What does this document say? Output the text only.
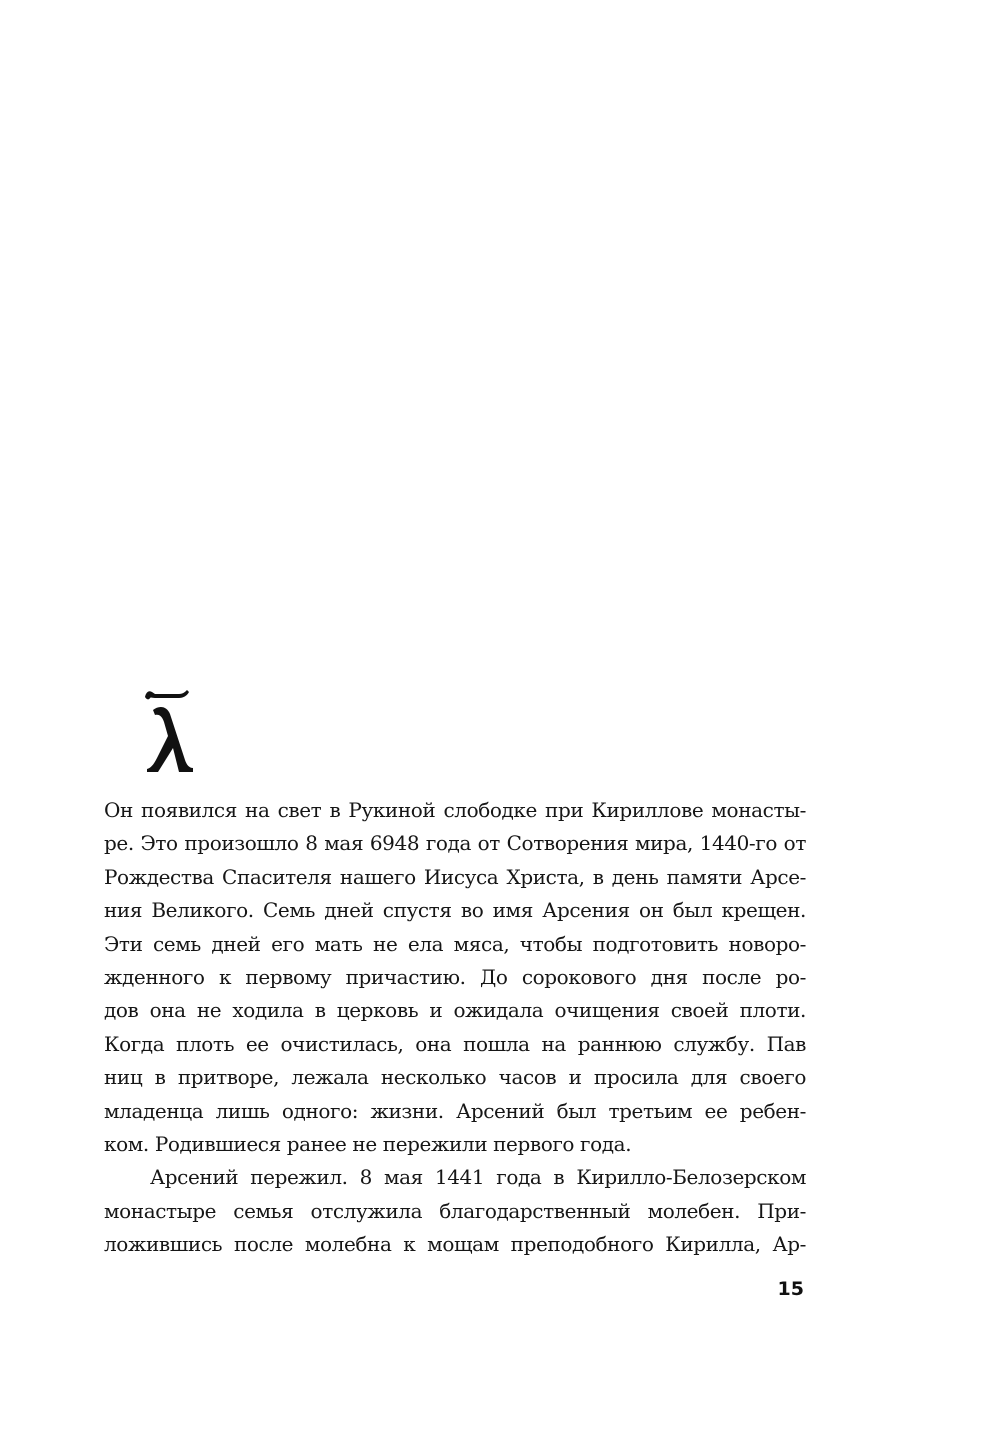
Он появился на свет в Рукиной слободке при Кириллове монасты-
ре. Это произошло 8 мая 6948 года от Сотворения мира, 1440-го от
Рождества Спасителя нашего Иисуса Христа, в день памяти Арсе-
ния Великого. Семь дней спустя во имя Арсения он был крещен.
Эти семь дней его мать не ела мяса, чтобы подготовить новоро-
жденного к первому причастию. До сорокового дня после ро-
дов она не ходила в церковь и ожидала очищения своей плоти.
Когда плоть ее очистилась, она пошла на раннюю службу. Пав
ниц в притворе, лежала несколько часов и просила для своего
младенца лишь одного: жизни. Арсений был третьим ее ребен-
ком. Родившиеся ранее не пережили первого года.
Арсений пережил. 8 мая 1441 года в Кирилло-Белозерском
монастыре семья отслужила благодарственный молебен. При-
ложившись после молебна к мощам преподобного Кирилла, Ар-
15
